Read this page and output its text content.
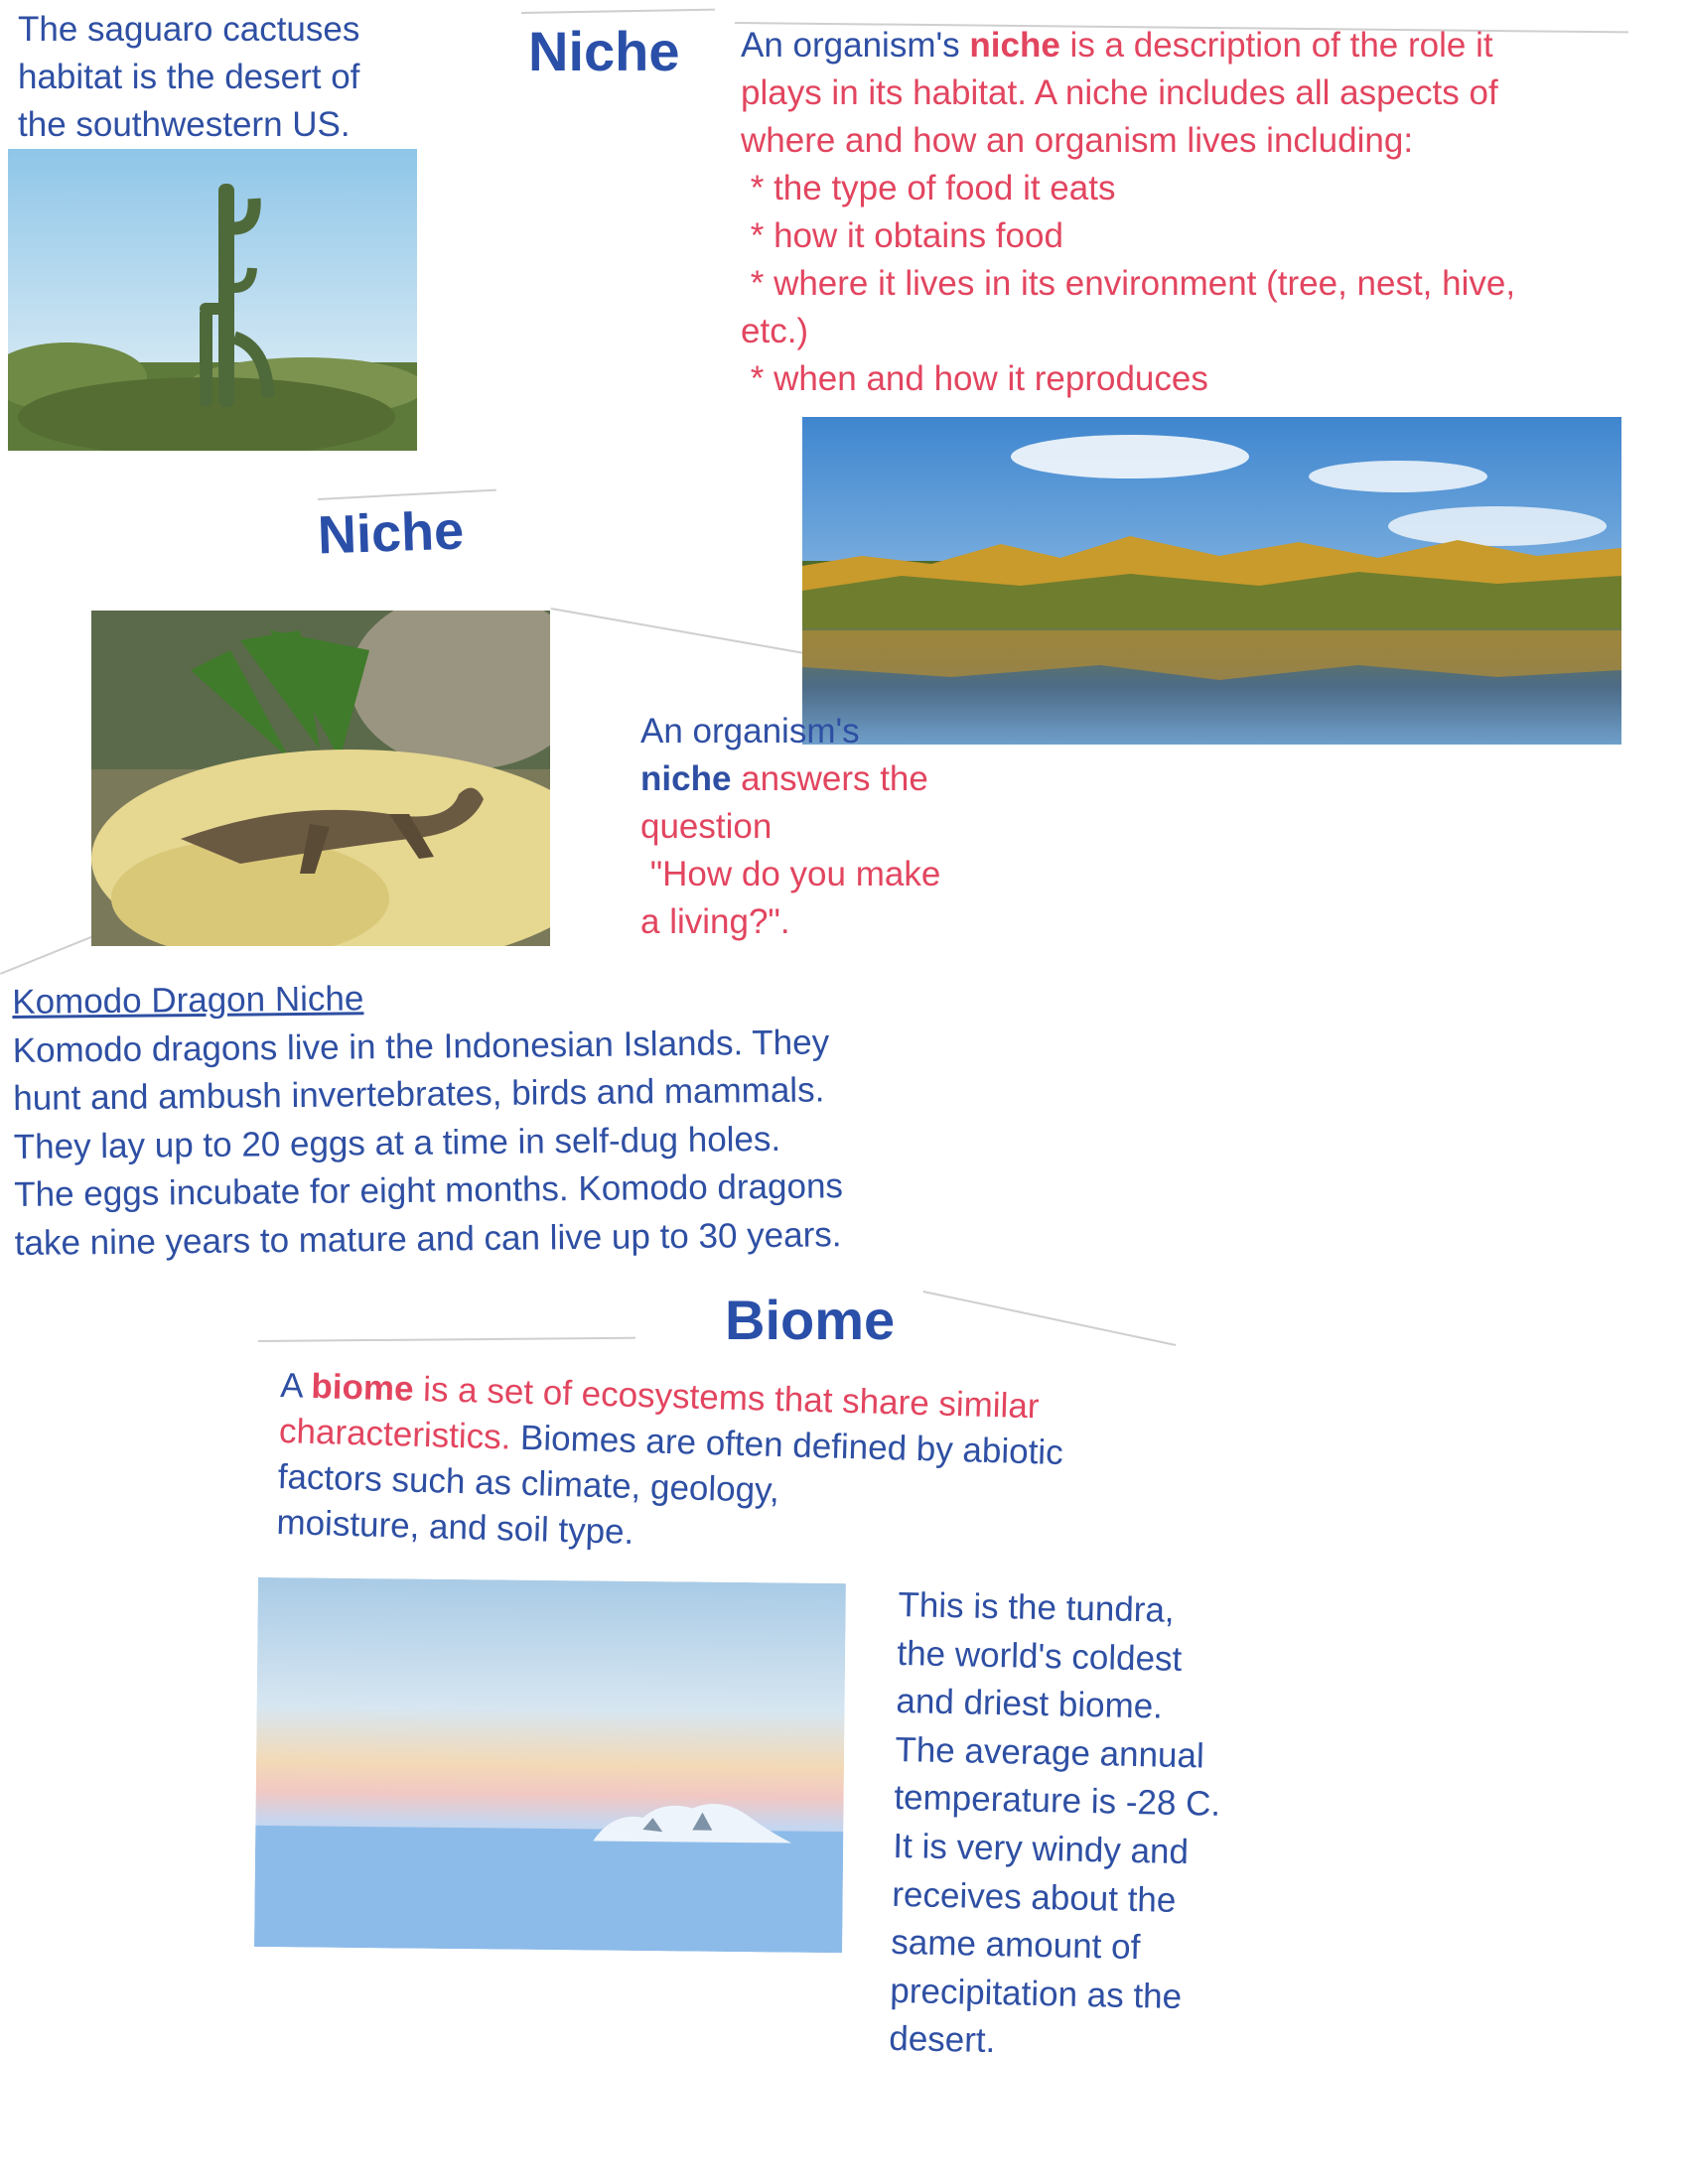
The saguaro cactuses
habitat is the desert of
the southwestern US.
Niche An organism's niche is a description of the role it
plays in its habitat. A niche includes all aspects of
where and how an organism lives including:
* the type of food it eats
* how it obtains food
* where it lives in its environment (tree, nest, hive,
etc.)
* when and how it reproduces
Niche
An organism's
niche answers the
question
"How do you make
a living?".
Komodo Dragon Niche
Komodo dragons live in the Indonesian Islands. They
hunt and ambush invertebrates, birds and mammals.
They lay up to 20 eggs at a time in self-dug holes.
The eggs incubate for eight months. Komodo dragons
take nine years to mature and can live up to 30 years.
Biome
A biome is a set of ecosystems that share similar
characteristics. Biomes are often defined by abiotic
factors such as climate, geology,
moisture, and soil type.
This is the tundra,
the world's coldest
and driest biome.
The average annual
temperature is -28 C.
It is very windy and
receives about the
same amount of
precipitation as the
desert.
